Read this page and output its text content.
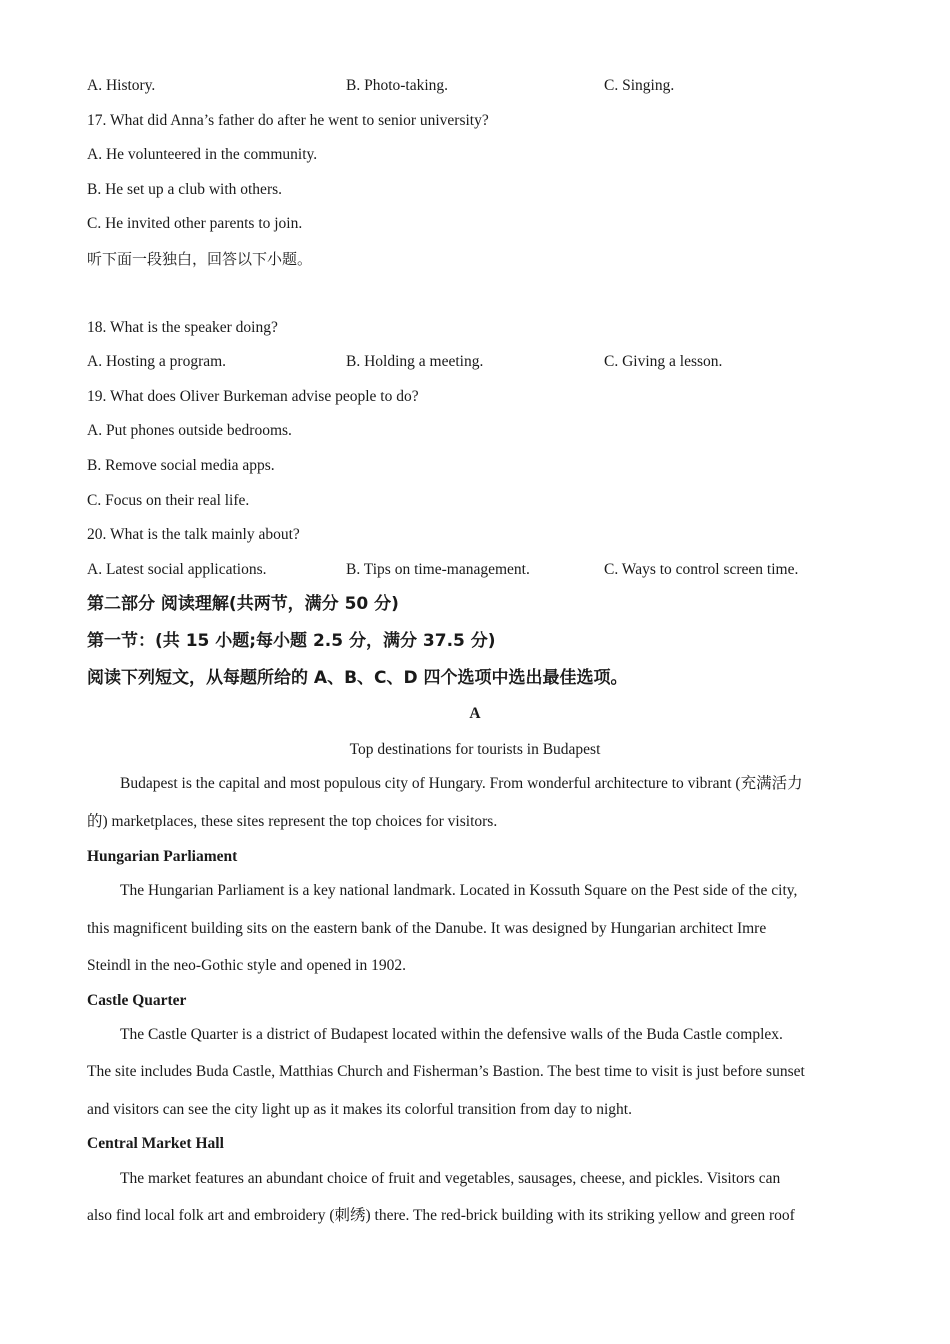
A. History.	B. Photo-taking.	C. Singing.
17. What did Anna’s father do after he went to senior university?
A. He volunteered in the community.
B. He set up a club with others.
C. He invited other parents to join.
听下面一段独白，回答以下小题。
18. What is the speaker doing?
A. Hosting a program.	B. Holding a meeting.	C. Giving a lesson.
19. What does Oliver Burkeman advise people to do?
A. Put phones outside bedrooms.
B. Remove social media apps.
C. Focus on their real life.
20. What is the talk mainly about?
A. Latest social applications.	B. Tips on time-management.	C. Ways to control screen time.
第二部分 阅读理解(共两节，满分 50 分)
第一节：(共 15 小题;每小题 2.5 分，满分 37.5 分)
阅读下列短文，从每题所给的 A、B、C、D 四个选项中选出最佳选项。
A
Top destinations for tourists in Budapest
Budapest is the capital and most populous city of Hungary. From wonderful architecture to vibrant (充满活力
的) marketplaces, these sites represent the top choices for visitors.
Hungarian Parliament
The Hungarian Parliament is a key national landmark. Located in Kossuth Square on the Pest side of the city,
this magnificent building sits on the eastern bank of the Danube. It was designed by Hungarian architect Imre
Steindl in the neo-Gothic style and opened in 1902.
Castle Quarter
The Castle Quarter is a district of Budapest located within the defensive walls of the Buda Castle complex.
The site includes Buda Castle, Matthias Church and Fisherman’s Bastion. The best time to visit is just before sunset
and visitors can see the city light up as it makes its colorful transition from day to night.
Central Market Hall
The market features an abundant choice of fruit and vegetables, sausages, cheese, and pickles. Visitors can
also find local folk art and embroidery (刺绣) there. The red-brick building with its striking yellow and green roof
